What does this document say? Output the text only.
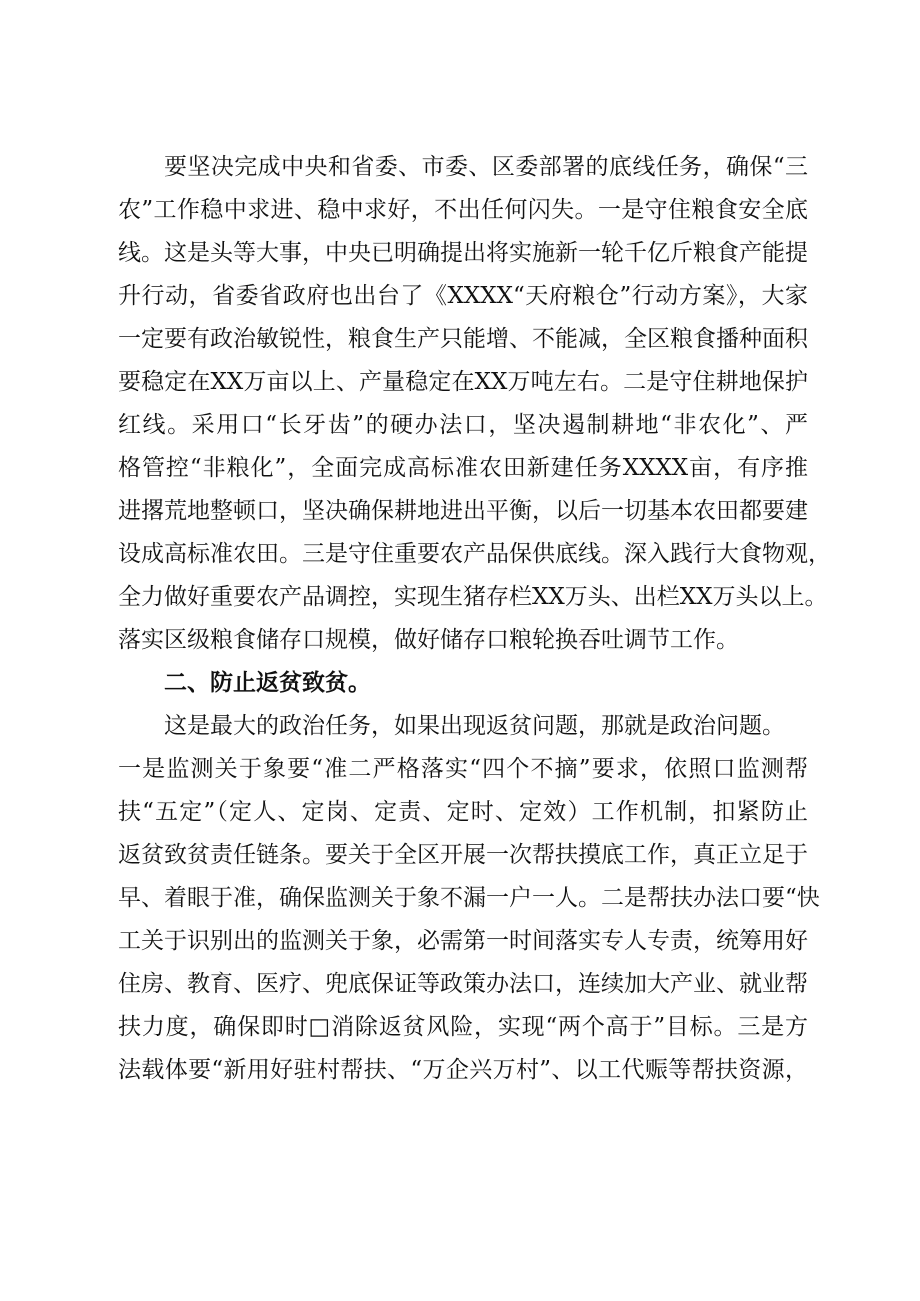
要坚决完成中央和省委、市委、区委部署的底线任务，确保“三
农”工作稳中求进、稳中求好，不出任何闪失。一是守住粮食安全底
线。这是头等大事，中央已明确提出将实施新一轮千亿斤粮食产能提
升行动，省委省政府也出台了《XXXX“天府粮仓”行动方案》，大家
一定要有政治敏锐性，粮食生产只能增、不能减，全区粮食播种面积
要稳定在XX万亩以上、产量稳定在XX万吨左右。二是守住耕地保护
红线。采用口“长牙齿”的硬办法口，坚决遏制耕地“非农化”、严
格管控“非粮化”，全面完成高标准农田新建任务XXXX亩，有序推
进撂荒地整顿口，坚决确保耕地进出平衡，以后一切基本农田都要建
设成高标准农田。三是守住重要农产品保供底线。深入践行大食物观，
全力做好重要农产品调控，实现生猪存栏XX万头、出栏XX万头以上。
落实区级粮食储存口规模，做好储存口粮轮换吞吐调节工作。
二、防止返贫致贫。
这是最大的政治任务，如果出现返贫问题，那就是政治问题。
一是监测关于象要“准二严格落实“四个不摘”要求，依照口监测帮
扶“五定”（定人、定岗、定责、定时、定效）工作机制，扣紧防止
返贫致贫责任链条。要关于全区开展一次帮扶摸底工作，真正立足于
早、着眼于准，确保监测关于象不漏一户一人。二是帮扶办法口要“快
工关于识别出的监测关于象，必需第一时间落实专人专责，统筹用好
住房、教育、医疗、兜底保证等政策办法口，连续加大产业、就业帮
扶力度，确保即时□消除返贫风险，实现“两个高于”目标。三是方
法载体要“新用好驻村帮扶、“万企兴万村”、以工代赈等帮扶资源，
